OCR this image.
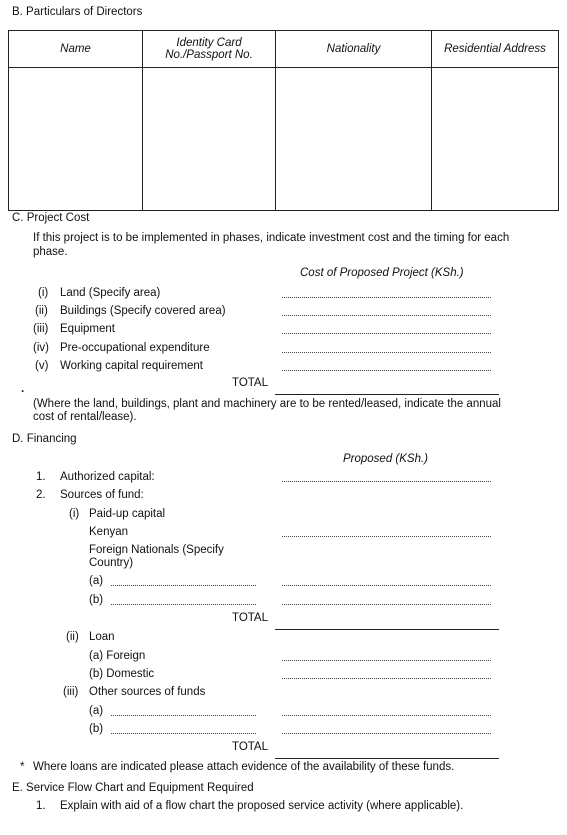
B. Particulars of Directors
Name	Identity Card No./Passport No.	Nationality	Residential Address

C. Project Cost
If this project is to be implemented in phases, indicate investment cost and the timing for each
phase.
Cost of Proposed Project (KSh.)
(i)	Land (Specify area)
(ii)	Buildings (Specify covered area)
(iii)	Equipment
(iv) Pre-occupational expenditure
(v)	Working capital requirement
TOTAL
·
(Where the land, buildings, plant and machinery are to be rented/leased, indicate the annual
cost of rental/lease).
D. Financing
Proposed (KSh.)
1. Authorized capital:
2. Sources of fund:
(i) Paid-up capital
Kenyan
Foreign Nationals (Specify
Country)
(a)
(b)
TOTAL
(ii) Loan
(a) Foreign
(b) Domestic
(iii) Other sources of funds
(a)
(b)
TOTAL
* Where loans are indicated please attach evidence of the availability of these funds.
E. Service Flow Chart and Equipment Required
1. Explain with aid of a flow chart the proposed service activity (where applicable).
